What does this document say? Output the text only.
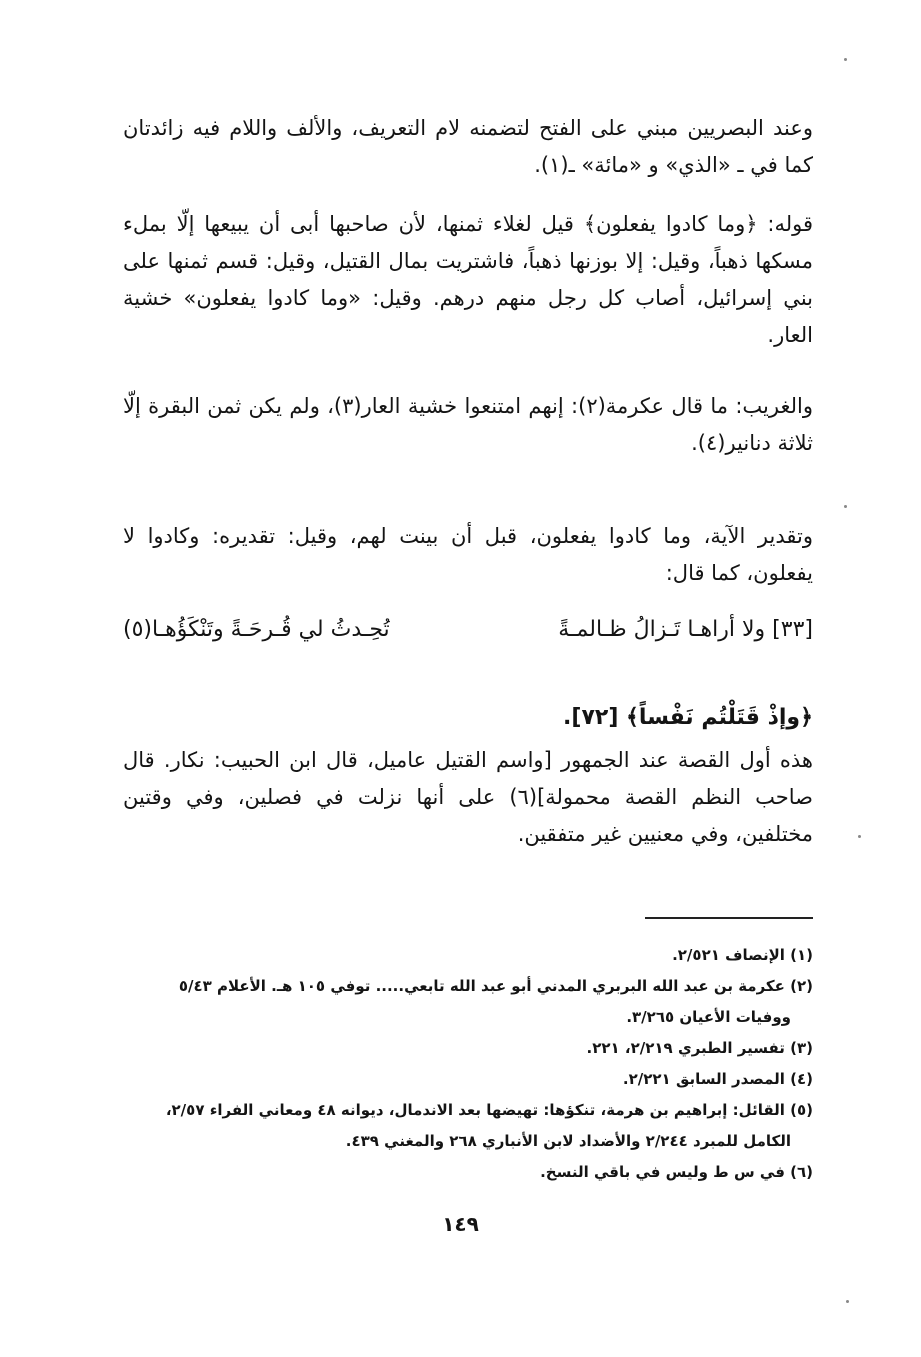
وعند البصريين مبني على الفتح لتضمنه لام التعريف، والألف واللام فيه زائدتان كما في ـ «الذي» و «مائة» ـ(١).

قوله: ﴿وما كادوا يفعلون﴾ قيل لغلاء ثمنها، لأن صاحبها أبى أن يبيعها إلّا بملء مسكها ذهباً، وقيل: إلا بوزنها ذهباً، فاشتريت بمال القتيل، وقيل: قسم ثمنها على بني إسرائيل، أصاب كل رجل منهم درهم. وقيل: «وما كادوا يفعلون» خشية العار.

والغريب: ما قال عكرمة(٢): إنهم امتنعوا خشية العار(٣)، ولم يكن ثمن البقرة إلّا ثلاثة دنانير(٤).

وتقدير الآية، وما كادوا يفعلون، قبل أن بينت لهم، وقيل: تقديره: وكادوا لا يفعلون، كما قال:

[٣٣] ولا أراهـا تَـزالُ ظـالمـةً
تُحِـدثُ لي قُـرحَـةً وتَنْكَؤُهـا(٥)
﴿وإذْ قَتَلْتُم نَفْساً﴾ [٧٢].

هذه أول القصة عند الجمهور [واسم القتيل عاميل، قال ابن الحبيب: نكار. قال صاحب النظم القصة محمولة](٦) على أنها نزلت في فصلين، وفي وقتين مختلفين، وفي معنيين غير متفقين.

(١) الإنصاف ٢/٥٢١.

(٢) عكرمة بن عبد الله البربري المدني أبو عبد الله تابعي..... توفي ١٠٥ هـ. الأعلام ٥/٤٣

ووفيات الأعيان ٣/٢٦٥.

(٣) تفسير الطبري ٢/٢١٩، ٢٢١.

(٤) المصدر السابق ٢/٢٢١.

(٥) القائل: إبراهيم بن هرمة، تنكؤها: تهيضها بعد الاندمال، ديوانه ٤٨ ومعاني الفراء ٢/٥٧،

الكامل للمبرد ٢/٢٤٤ والأضداد لابن الأنباري ٢٦٨ والمغني ٤٣٩.

(٦) في س ط وليس في باقي النسخ.

١٤٩
